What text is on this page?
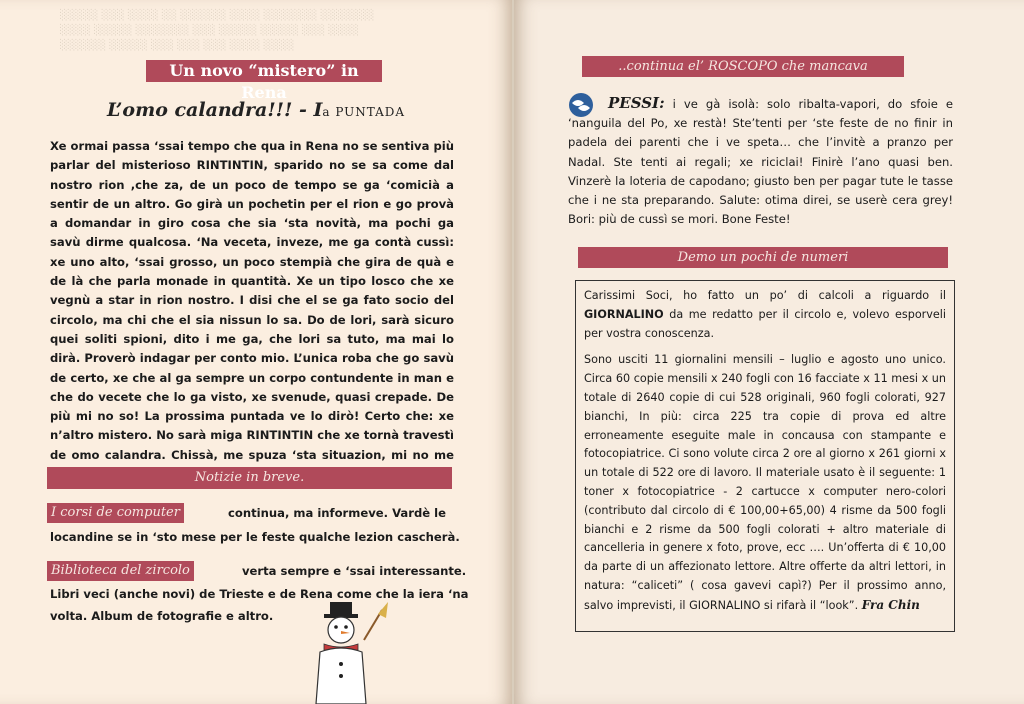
░░░░░ ░░░ ░░░░ ░░ ░░░░░░ ░░░░ ░░░░░░░ ░░░░░░░
░░░░ ░░░░░ ░░░░░░░ ░░░ ░░░░░ ░░░░░ ░░░ ░░░░
░░░░░░ ░░░░░ ░░░ ░░░ ░░░ ░░░░ ░░░░
Un novo “mistero” in Rena
L’omo calandra!!! - Ia PUNTADA
Xe ormai passa ‘ssai tempo che qua in Rena no se sentiva più parlar del misterioso RINTINTIN, sparido no se sa come dal nostro rion ,che za, de un poco de tempo se ga ‘comicià a sentir de un altro. Go girà un pochetin per el rion e go provà a domandar in giro cosa che sia ‘sta novità, ma pochi ga savù dirme qualcosa. ‘Na veceta, inveze, me ga contà cussì: xe uno alto, ‘ssai grosso, un poco stempià che gira de quà e de là che parla monade in quantità. Xe un tipo losco che xe vegnù a star in rion nostro. I disi che el se ga fato socio del circolo, ma chi che el sia nissun lo sa. Do de lori, sarà sicuro quei soliti spioni, dito i me ga, che lori sa tuto, ma mai lo dirà. Proverò indagar per conto mio. L’unica roba che go savù de certo, xe che al ga sempre un corpo contundente in man e che do vecete che lo ga visto, xe svenude, quasi crepade. De più mi no so! La prossima puntada ve lo dirò! Certo che: xe n’altro mistero. No sarà miga RINTINTIN che xe tornà travestì de omo calandra. Chissà, me spuza ‘sta situazion, mi no me
Notizie in breve.
I corsi de computer	continua, ma informeve. Vardè le
locandine se in ‘sto mese per le feste qualche lezion cascherà.
Biblioteca del zircolo	verta sempre e ‘ssai interessante.
Libri veci (anche novi) de Trieste e de Rena come che la iera ‘na
volta. Album de fotografie e altro.
..continua el’ ROSCOPO che mancava
PESSI: i ve gà isolà: solo ribalta-vapori, do sfoie e ‘nanguila del Po, xe restà! Ste’tenti per ‘ste feste de no finir in padela dei parenti che i ve speta… che l’invitè a pranzo per Nadal. Ste tenti ai regali; xe riciclai! Finirè l’ano quasi ben. Vinzerè la loteria de capodano; giusto ben per pagar tute le tasse che i ne sta preparando. Salute: otima direi, se userè cera grey! Bori: più de cussì se mori. Bone Feste!
Demo un pochi de numeri

Carissimi Soci, ho fatto un po’ di calcoli a riguardo il GIORNALINO da me redatto per il circolo e, volevo esporveli per vostra conoscenza.

Sono usciti 11 giornalini mensili – luglio e agosto uno unico. Circa 60 copie mensili x 240 fogli con 16 facciate x 11 mesi x un totale di 2640 copie di cui 528 originali, 960 fogli colorati, 927 bianchi, In più: circa 225 tra copie di prova ed altre erroneamente eseguite male in concausa con stampante e fotocopiatrice. Ci sono volute circa 2 ore al giorno x 261 giorni x un totale di 522 ore di lavoro. Il materiale usato è il seguente: 1 toner x fotocopiatrice - 2 cartucce x computer nero-colori (contributo dal circolo di € 100,00+65,00) 4 risme da 500 fogli bianchi e 2 risme da 500 fogli colorati + altro materiale di cancelleria in genere x foto, prove, ecc …. Un’offerta di € 10,00 da parte di un affezionato lettore. Altre offerte da altri lettori, in natura: “caliceti” ( cosa gavevi capì?) Per il prossimo anno, salvo imprevisti, il GIORNALINO si rifarà il “look”. Fra Chin
